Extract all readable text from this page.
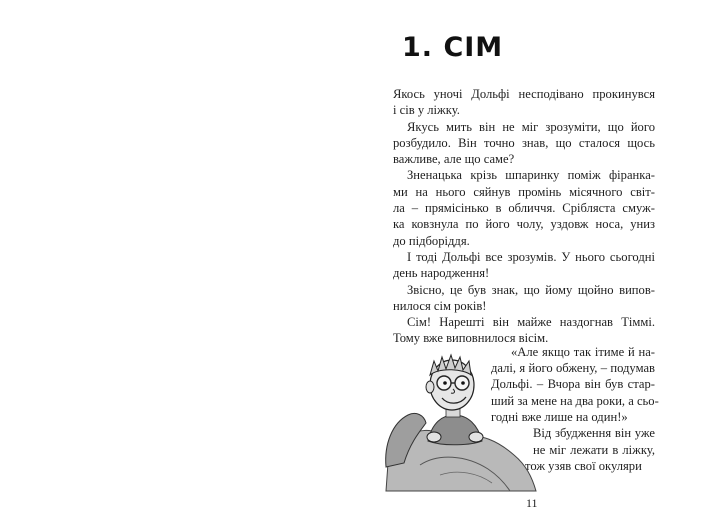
1. СІМ
Якось уночі Дольфі несподівано прокинувся
і сів у ліжку.
Якусь мить він не міг зрозуміти, що його
розбудило. Він точно знав, що сталося щось
важливе, але що саме?
Зненацька крізь шпаринку поміж фіранка-
ми на нього сяйнув промінь місячного світ-
ла – прямісінько в обличчя. Срібляста смуж-
ка ковзнула по його чолу, уздовж носа, униз
до підборіддя.
І тоді Дольфі все зрозумів. У нього сьогодні
день народження!
Звісно, це був знак, що йому щойно випов-
нилося сім років!
Сім! Нарешті він майже наздогнав Тіммі.
Тому вже виповнилося вісім.
«Але якщо так ітиме й на-
далі, я його обжену, – подумав
Дольфі. – Вчора він був стар-
ший за мене на два роки, а сьо-
годні вже лише на один!»
Від збудження він уже
не міг лежати в ліжку,
тож узяв свої окуляри
11
